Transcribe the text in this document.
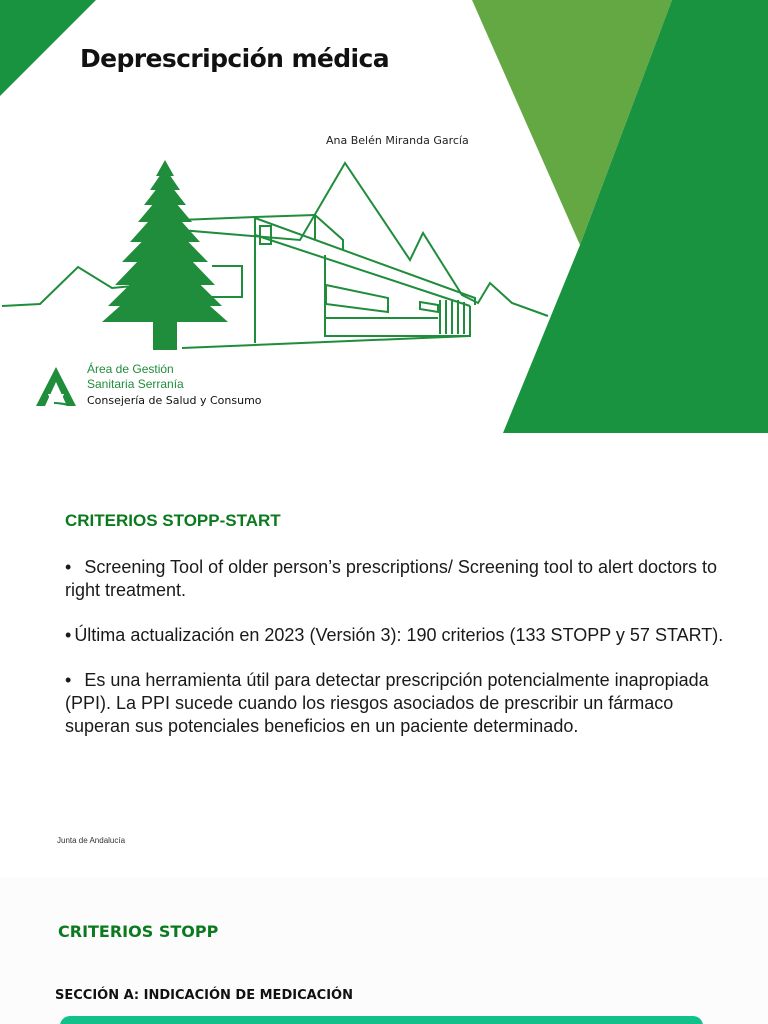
Deprescripción médica
Ana Belén Miranda García
Área de Gestión
Sanitaria Serranía
Consejería de Salud y Consumo
CRITERIOS STOPP-START

• Screening Tool of older person’s prescriptions/ Screening tool to alert doctors to right treatment.

• Última actualización en 2023 (Versión 3): 190 criterios (133 STOPP y 57 START).

• Es una herramienta útil para detectar prescripción potencialmente inapropiada (PPI). La PPI sucede cuando los riesgos asociados de prescribir un fármaco superan sus potenciales beneficios en un paciente determinado.

Junta de Andalucía
CRITERIOS STOPP
SECCIÓN A: INDICACIÓN DE MEDICACIÓN
